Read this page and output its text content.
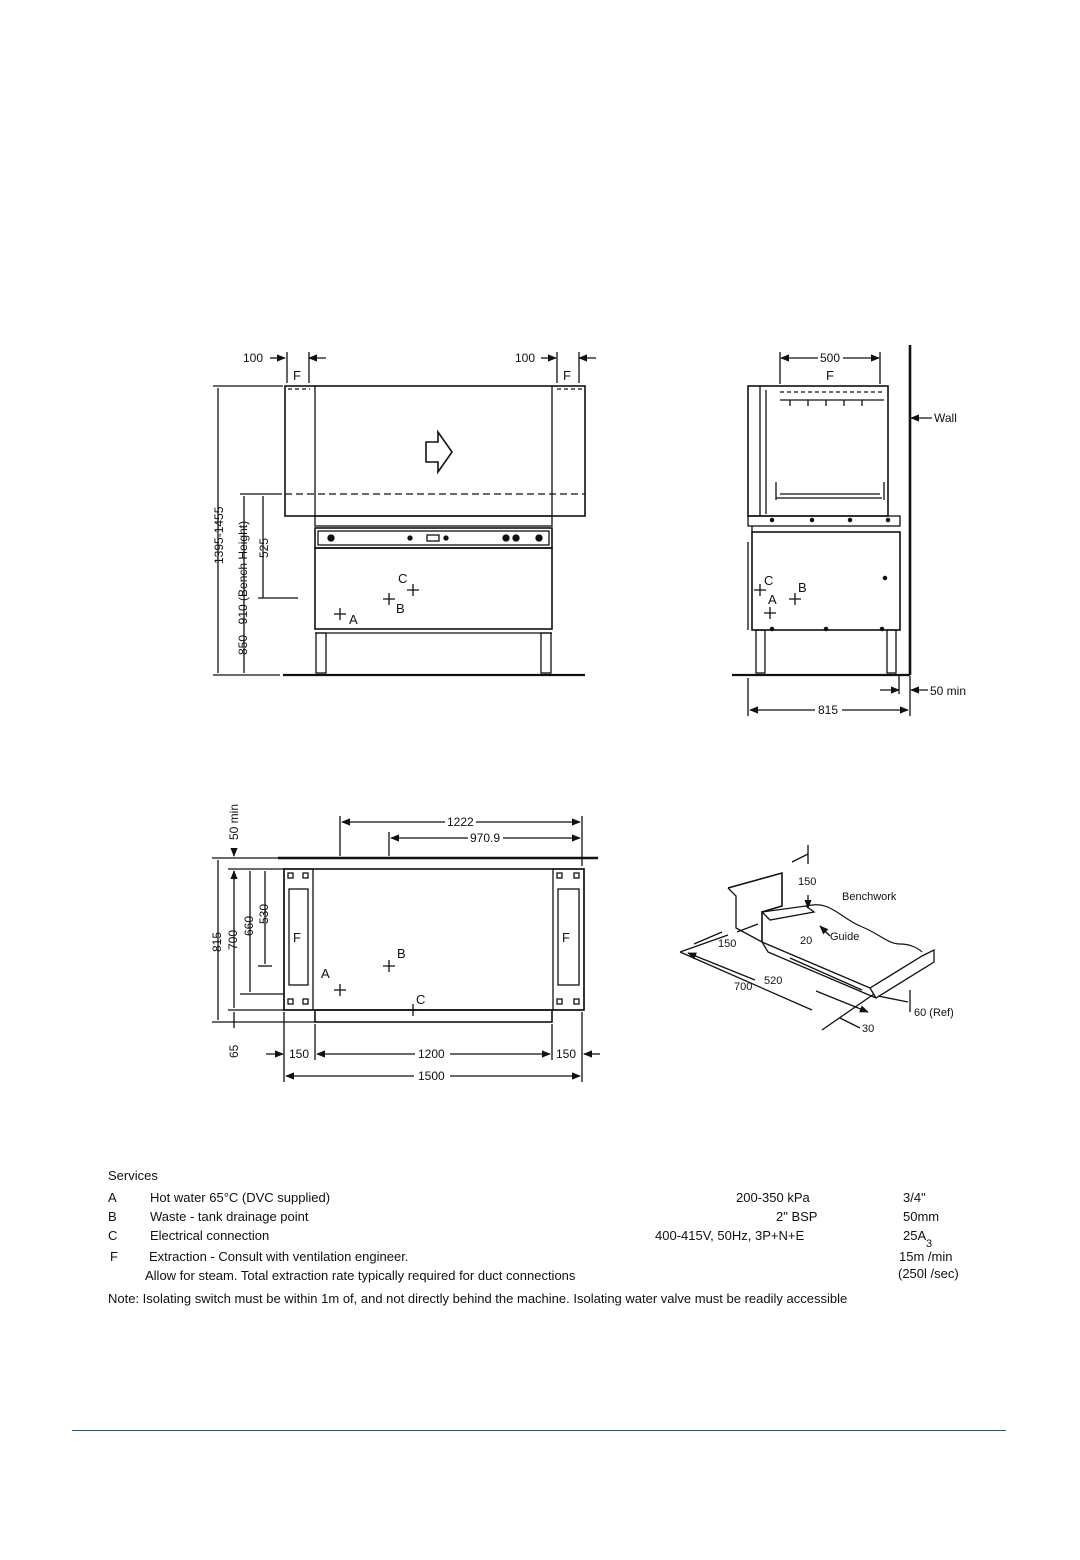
100	100
F	F
1395-1455 850 - 910 (Bench Height) 525
A
B
C
500
F
Wall
50 min
815
A
B
C
50 min	1222
970.9
815 700
660
530
65	150	1200	150
1500
F	F
A
B
C
150
Benchwork
150	20 Guide
520
700
60 (Ref)
30
Services
A	Hot water 65°C (DVC supplied)	200-350 kPa	3/4"
B	Waste - tank drainage point	2" BSP	50mm
C	Electrical connection	400-415V, 50Hz, 3P+N+E	25A
F Extraction - Consult with ventilation engineer.	15m /min
3
Allow for steam. Total extraction rate typically required for duct connections	(250l /sec)
Note: Isolating switch must be within 1m of, and not directly behind the machine. Isolating water valve must be readily accessible
